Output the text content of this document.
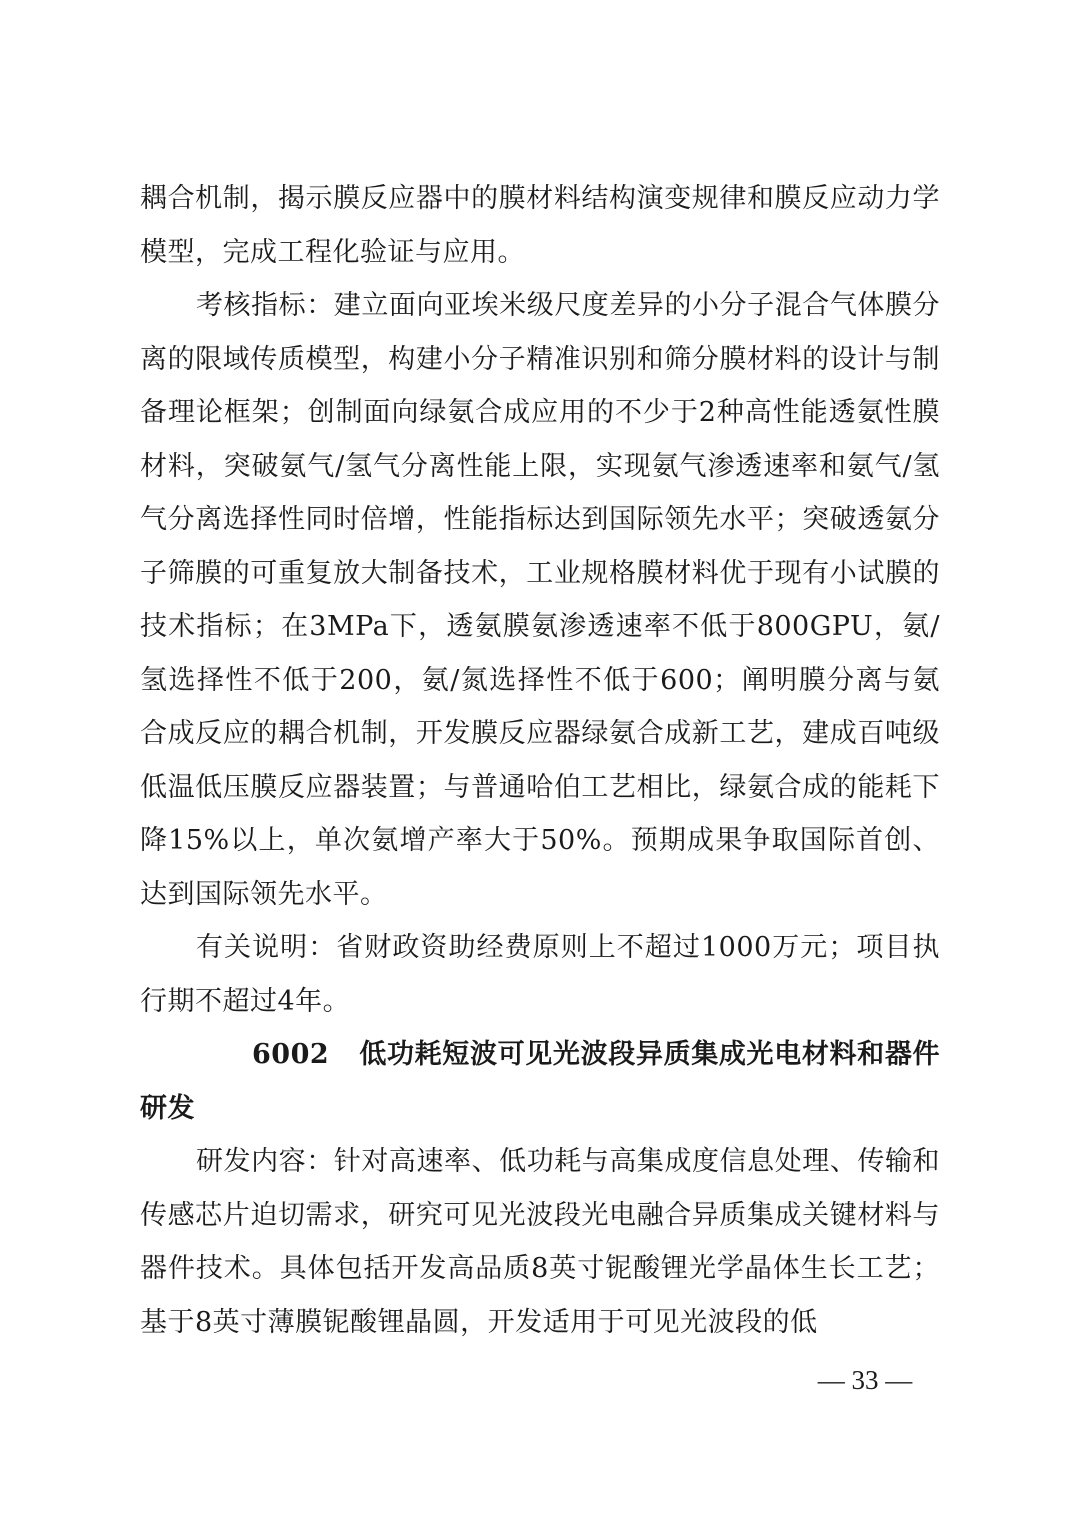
耦合机制，揭示膜反应器中的膜材料结构演变规律和膜反应动力学模型，完成工程化验证与应用。

考核指标：建立面向亚埃米级尺度差异的小分子混合气体膜分离的限域传质模型，构建小分子精准识别和筛分膜材料的设计与制备理论框架；创制面向绿氨合成应用的不少于2种高性能透氨性膜材料，突破氨气/氢气分离性能上限，实现氨气渗透速率和氨气/氢气分离选择性同时倍增，性能指标达到国际领先水平；突破透氨分子筛膜的可重复放大制备技术，工业规格膜材料优于现有小试膜的技术指标；在3MPa下，透氨膜氨渗透速率不低于800GPU，氨/氢选择性不低于200，氨/氮选择性不低于600；阐明膜分离与氨合成反应的耦合机制，开发膜反应器绿氨合成新工艺，建成百吨级低温低压膜反应器装置；与普通哈伯工艺相比，绿氨合成的能耗下降15%以上，单次氨增产率大于50%。预期成果争取国际首创、达到国际领先水平。

有关说明：省财政资助经费原则上不超过1000万元；项目执行期不超过4年。

6002 低功耗短波可见光波段异质集成光电材料和器件研发

研发内容：针对高速率、低功耗与高集成度信息处理、传输和传感芯片迫切需求，研究可见光波段光电融合异质集成关键材料与器件技术。具体包括开发高品质8英寸铌酸锂光学晶体生长工艺；基于8英寸薄膜铌酸锂晶圆，开发适用于可见光波段的低

— 33 —
